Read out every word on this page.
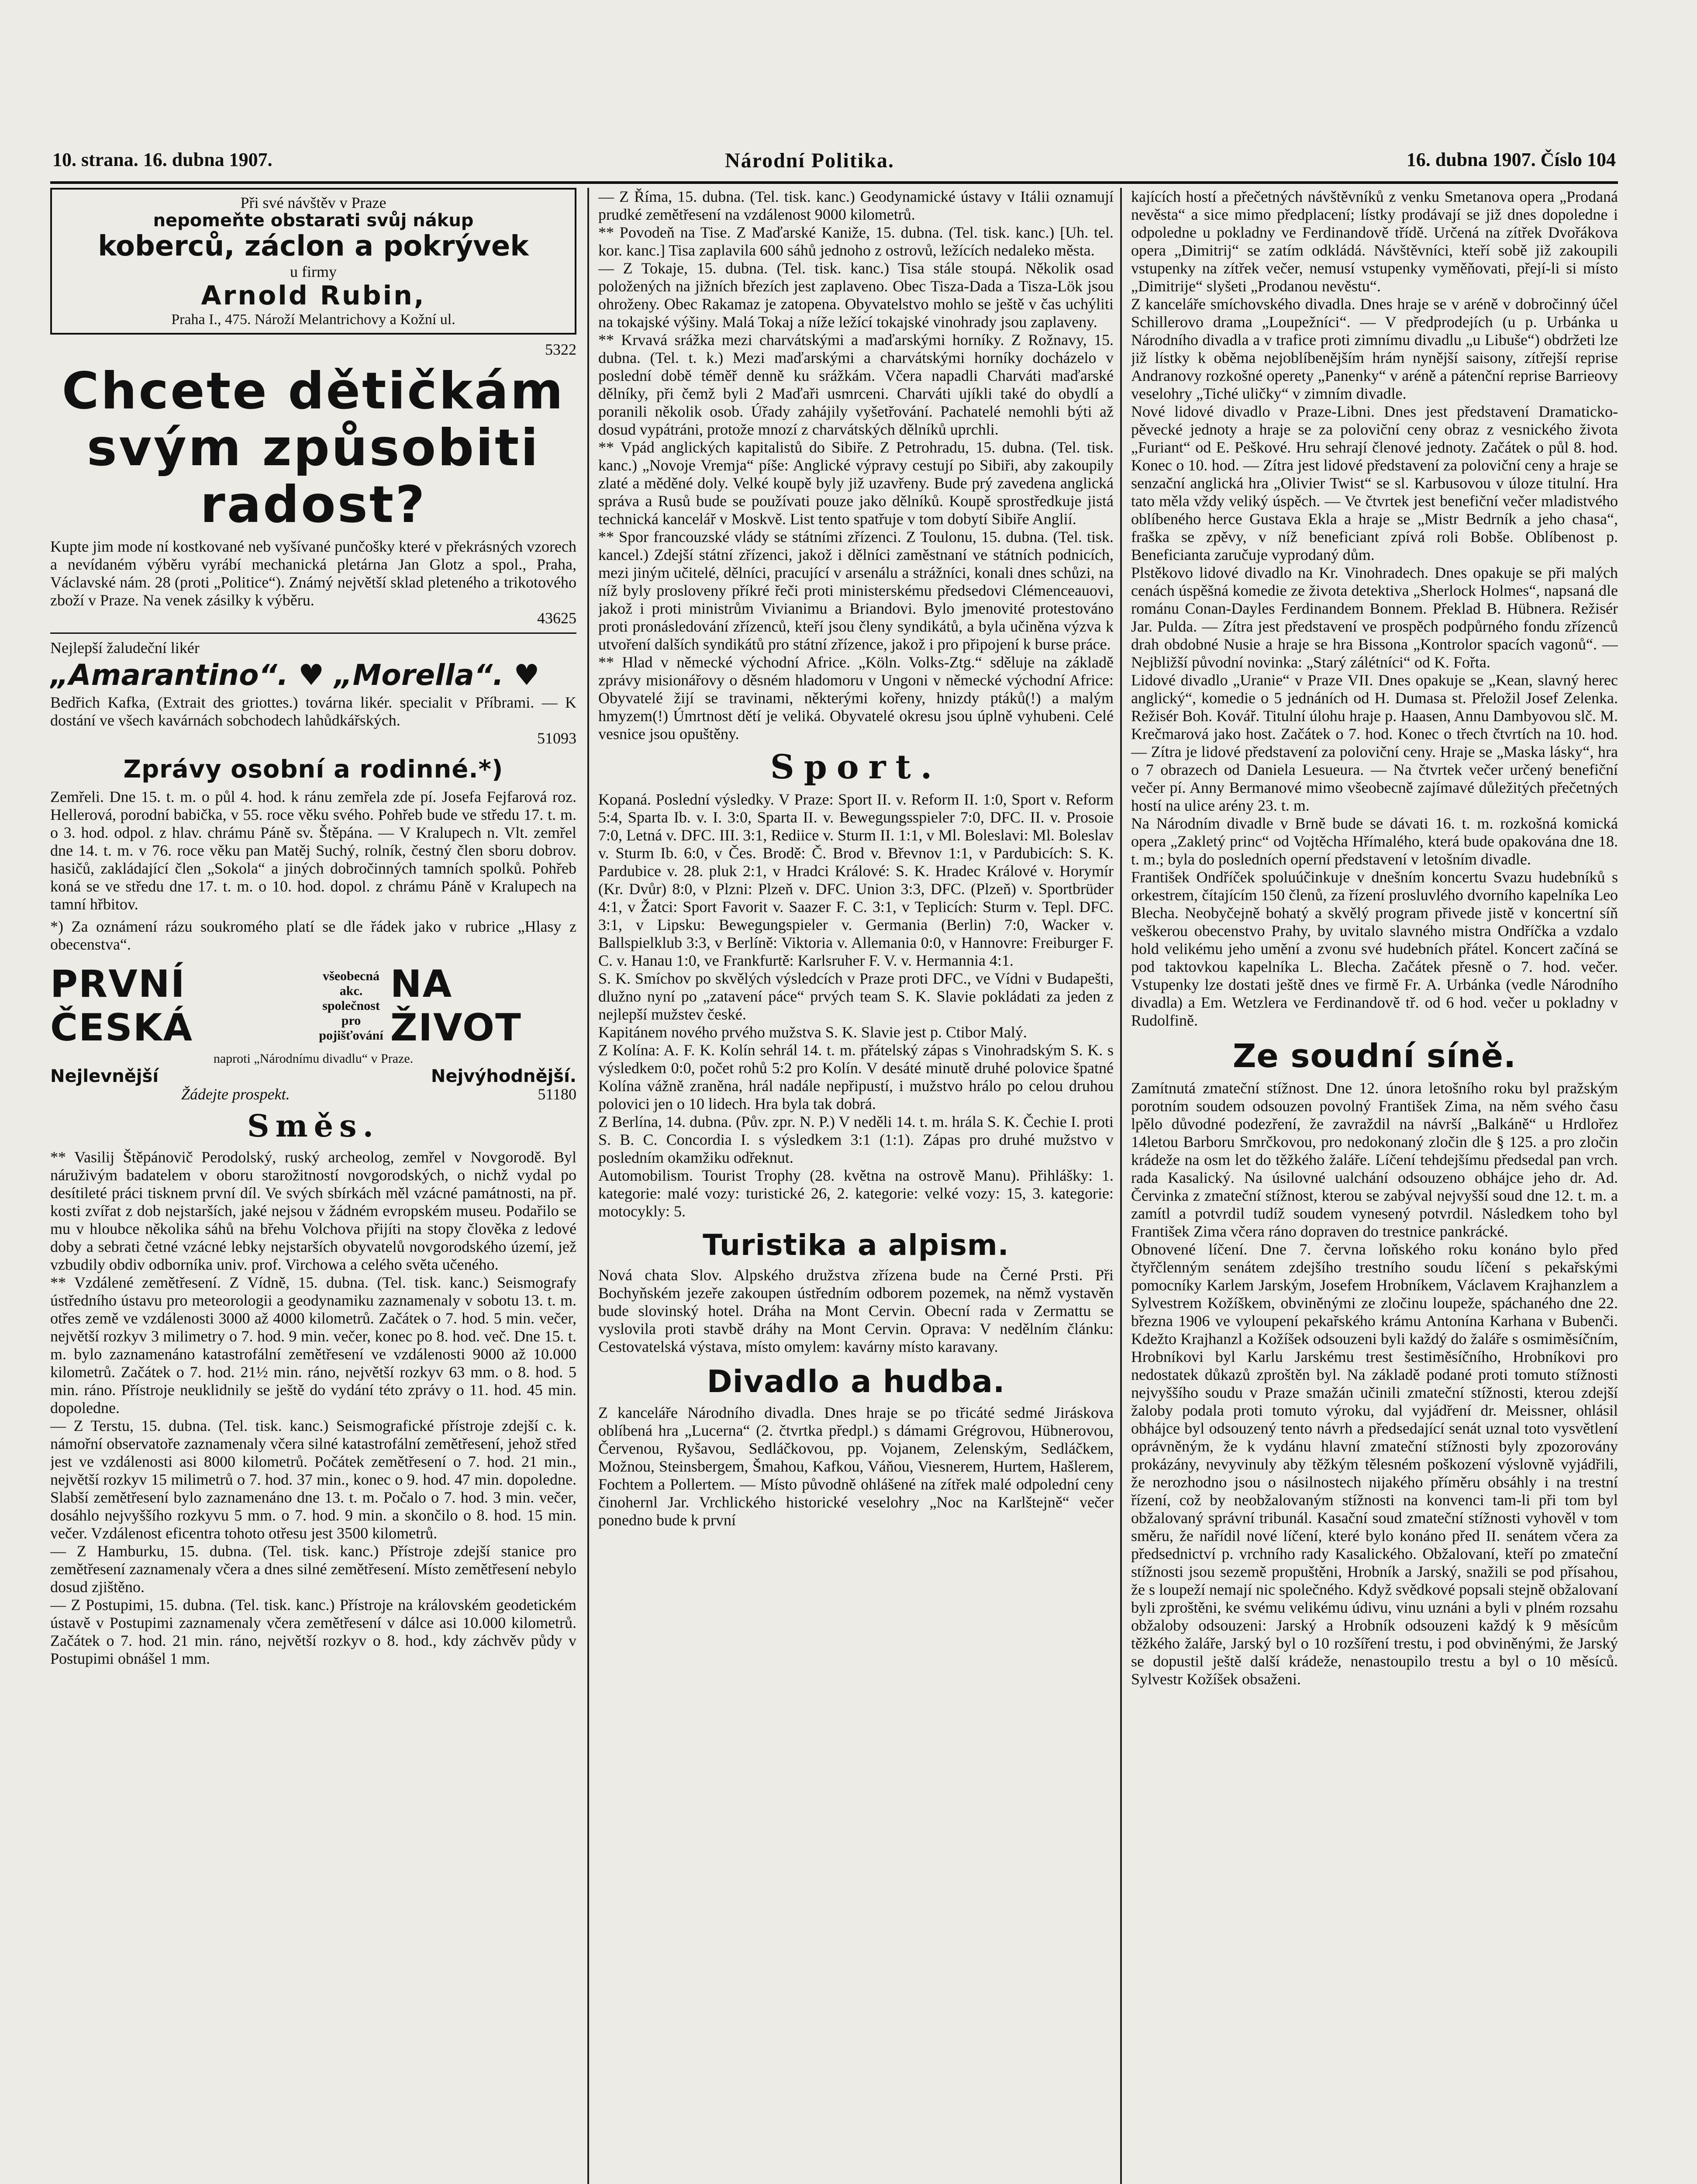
10. strana. 16. dubna 1907.	Národní Politika.	16. dubna 1907. Číslo 104
Při své návštěv v Praze
nepomeňte obstarati svůj nákup
koberců, záclon a pokrývek
u firmy
Arnold Rubin,
Praha I., 475. Nároží Melantrichovy a Kožní ul.
5322
Chcete dětičkám svým způsobiti radost?

Kupte jim mode ní kostkované neb vyšívané punčošky které v překrásných vzorech a nevídaném výběru vyrábí mechanická pletárna Jan Glotz a spol., Praha, Václavské nám. 28 (proti „Politice“). Známý největší sklad pleteného a trikotového zboží v Praze. Na venek zásilky k výběru.

43625

Nejlepší žaludeční likér

„Amarantino“. ♥ „Morella“. ♥

Bedřich Kafka, (Extrait des griottes.) továrna likér. specialit v Příbrami. — K dostání ve všech kavárnách sobchodech lahůdkářských.

51093
Zprávy osobní a rodinné.*)

Zemřeli. Dne 15. t. m. o půl 4. hod. k ránu zemřela zde pí. Josefa Fejfarová roz. Hellerová, porodní babička, v 55. roce věku svého. Pohřeb bude ve středu 17. t. m. o 3. hod. odpol. z hlav. chrámu Páně sv. Štěpána. — V Kralupech n. Vlt. zemřel dne 14. t. m. v 76. roce věku pan Matěj Suchý, rolník, čestný člen sboru dobrov. hasičů, zakládající člen „Sokola“ a jiných dobročinných tamních spolků. Pohřeb koná se ve středu dne 17. t. m. o 10. hod. dopol. z chrámu Páně v Kralupech na tamní hřbitov.

*) Za oznámení rázu soukromého platí se dle řádek jako v rubrice „Hlasy z obecenstva“.

PRVNÍ ČESKÁ
všeobecná akc. společnost pro pojišťování
NA ŽIVOT
naproti „Národnímu divadlu“ v Praze.
Nejlevnější	Nejvýhodnější.
Žádejte prospekt.	51180
Směs.

** Vasilij Štěpánovič Perodolský, ruský archeolog, zemřel v Novgorodě. Byl náruživým badatelem v oboru starožitností novgorodských, o nichž vydal po desítileté práci tisknem první díl. Ve svých sbírkách měl vzácné památnosti, na př. kosti zvířat z dob nejstarších, jaké nejsou v žádném evropském museu. Podařilo se mu v hloubce několika sáhů na břehu Volchova přijíti na stopy člověka z ledové doby a sebrati četné vzácné lebky nejstarších obyvatelů novgorodského území, jež vzbudily obdiv odborníka univ. prof. Virchowa a celého světa učeného.

** Vzdálené zemětřesení. Z Vídně, 15. dubna. (Tel. tisk. kanc.) Seismografy ústředního ústavu pro meteorologii a geodynamiku zaznamenaly v sobotu 13. t. m. otřes země ve vzdálenosti 3000 až 4000 kilometrů. Začátek o 7. hod. 5 min. večer, největší rozkyv 3 milimetry o 7. hod. 9 min. večer, konec po 8. hod. več. Dne 15. t. m. bylo zaznamenáno katastrofální zemětřesení ve vzdálenosti 9000 až 10.000 kilometrů. Začátek o 7. hod. 21½ min. ráno, největší rozkyv 63 mm. o 8. hod. 5 min. ráno. Přístroje neuklidnily se ještě do vydání této zprávy o 11. hod. 45 min. dopoledne.

— Z Terstu, 15. dubna. (Tel. tisk. kanc.) Seismografické přístroje zdejší c. k. námořní observatoře zaznamenaly včera silné katastrofální zemětřesení, jehož střed jest ve vzdálenosti asi 8000 kilometrů. Počátek zemětřesení o 7. hod. 21 min., největší rozkyv 15 milimetrů o 7. hod. 37 min., konec o 9. hod. 47 min. dopoledne. Slabší zemětřesení bylo zaznamenáno dne 13. t. m. Počalo o 7. hod. 3 min. večer, dosáhlo nejvyššího rozkyvu 5 mm. o 7. hod. 9 min. a skončilo o 8. hod. 15 min. večer. Vzdálenost eficentra tohoto otřesu jest 3500 kilometrů.

— Z Hamburku, 15. dubna. (Tel. tisk. kanc.) Přístroje zdejší stanice pro zemětřesení zaznamenaly včera a dnes silné zemětřesení. Místo zemětřesení nebylo dosud zjištěno.

— Z Postupimi, 15. dubna. (Tel. tisk. kanc.) Přístroje na královském geodetickém ústavě v Postupimi zaznamenaly včera zemětřesení v dálce asi 10.000 kilometrů. Začátek o 7. hod. 21 min. ráno, největší rozkyv o 8. hod., kdy záchvěv půdy v Postupimi obnášel 1 mm.

— Z Říma, 15. dubna. (Tel. tisk. kanc.) Geodynamické ústavy v Itálii oznamují prudké zemětřesení na vzdálenost 9000 kilometrů.

** Povodeň na Tise. Z Maďarské Kaniže, 15. dubna. (Tel. tisk. kanc.) [Uh. tel. kor. kanc.] Tisa zaplavila 600 sáhů jednoho z ostrovů, ležících nedaleko města.

— Z Tokaje, 15. dubna. (Tel. tisk. kanc.) Tisa stále stoupá. Několik osad položených na jižních březích jest zaplaveno. Obec Tisza-Dada a Tisza-Lök jsou ohroženy. Obec Rakamaz je zatopena. Obyvatelstvo mohlo se ještě v čas uchýliti na tokajské výšiny. Malá Tokaj a níže ležící tokajské vinohrady jsou zaplaveny.

** Krvavá srážka mezi charvátskými a maďarskými horníky. Z Rožnavy, 15. dubna. (Tel. t. k.) Mezi maďarskými a charvátskými horníky docházelo v poslední době téměř denně ku srážkám. Včera napadli Charváti maďarské dělníky, při čemž byli 2 Maďaři usmrceni. Charváti ujíkli také do obydlí a poranili několik osob. Úřady zahájily vyšetřování. Pachatelé nemohli býti až dosud vypátráni, protože mnozí z charvátských dělníků uprchli.

** Vpád anglických kapitalistů do Sibiře. Z Petrohradu, 15. dubna. (Tel. tisk. kanc.) „Novoje Vremja“ píše: Anglické výpravy cestují po Sibiři, aby zakoupily zlaté a měděné doly. Velké koupě byly již uzavřeny. Bude prý zavedena anglická správa a Rusů bude se používati pouze jako dělníků. Koupě sprostředkuje jistá technická kancelář v Moskvě. List tento spatřuje v tom dobytí Sibiře Anglií.

** Spor francouzské vlády se státními zřízenci. Z Toulonu, 15. dubna. (Tel. tisk. kancel.) Zdejší státní zřízenci, jakož i dělníci zaměstnaní ve státních podnicích, mezi jiným učitelé, dělníci, pracující v arsenálu a strážníci, konali dnes schůzi, na níž byly prosloveny příkré řeči proti ministerskému předsedovi Clémenceauovi, jakož i proti ministrům Vivianimu a Briandovi. Bylo jmenovité protestováno proti pronásledování zřízenců, kteří jsou členy syndikátů, a byla učiněna výzva k utvoření dalších syndikátů pro státní zřízence, jakož i pro připojení k burse práce.

** Hlad v německé východní Africe. „Köln. Volks-Ztg.“ sděluje na základě zprávy misionářovy o děsném hladomoru v Ungoni v německé východní Africe: Obyvatelé žijí se travinami, některými kořeny, hnizdy ptáků(!) a malým hmyzem(!) Úmrtnost dětí je veliká. Obyvatelé okresu jsou úplně vyhubeni. Celé vesnice jsou opuštěny.

Sport.

Kopaná. Poslední výsledky. V Praze: Sport II. v. Reform II. 1:0, Sport v. Reform 5:4, Sparta Ib. v. I. 3:0, Sparta II. v. Bewegungsspieler 7:0, DFC. II. v. Prosoie 7:0, Letná v. DFC. III. 3:1, Rediice v. Sturm II. 1:1, v Ml. Boleslavi: Ml. Boleslav v. Sturm Ib. 6:0, v Čes. Brodě: Č. Brod v. Břevnov 1:1, v Pardubicích: S. K. Pardubice v. 28. pluk 2:1, v Hradci Králové: S. K. Hradec Králové v. Horymír (Kr. Dvůr) 8:0, v Plzni: Plzeň v. DFC. Union 3:3, DFC. (Plzeň) v. Sportbrüder 4:1, v Žatci: Sport Favorit v. Saazer F. C. 3:1, v Teplicích: Sturm v. Tepl. DFC. 3:1, v Lipsku: Bewegungspieler v. Germania (Berlin) 7:0, Wacker v. Ballspielklub 3:3, v Berlíně: Viktoria v. Allemania 0:0, v Hannovre: Freiburger F. C. v. Hanau 1:0, ve Frankfurtě: Karlsruher F. V. v. Hermannia 4:1.

S. K. Smíchov po skvělých výsledcích v Praze proti DFC., ve Vídni v Budapešti, dlužno nyní po „zatavení páce“ prvých team S. K. Slavie pokládati za jeden z nejlepší mužstev české.

Kapitánem nového prvého mužstva S. K. Slavie jest p. Ctibor Malý.

Z Kolína: A. F. K. Kolín sehrál 14. t. m. přátelský zápas s Vinohradským S. K. s výsledkem 0:0, počet rohů 5:2 pro Kolín. V desáté minutě druhé polovice špatné Kolína vážně zraněna, hrál nadále nepřipustí, i mužstvo hrálo po celou druhou polovici jen o 10 lidech. Hra byla tak dobrá.

Z Berlína, 14. dubna. (Pův. zpr. N. P.) V neděli 14. t. m. hrála S. K. Čechie I. proti S. B. C. Concordia I. s výsledkem 3:1 (1:1). Zápas pro druhé mužstvo v posledním okamžiku odřeknut.

Automobilism. Tourist Trophy (28. května na ostrově Manu). Přihlášky: 1. kategorie: malé vozy: turistické 26, 2. kategorie: velké vozy: 15, 3. kategorie: motocykly: 5.

Turistika a alpism.

Nová chata Slov. Alpského družstva zřízena bude na Černé Prsti. Při Bochyňském jezeře zakoupen ústředním odborem pozemek, na němž vystavěn bude slovinský hotel. Dráha na Mont Cervin. Obecní rada v Zermattu se vyslovila proti stavbě dráhy na Mont Cervin. Oprava: V nedělním článku: Cestovatelská výstava, místo omylem: kavárny místo karavany.

Divadlo a hudba.

Z kanceláře Národního divadla. Dnes hraje se po třicáté sedmé Jiráskova oblíbená hra „Lucerna“ (2. čtvrtka předpl.) s dámami Grégrovou, Hübnerovou, Červenou, Ryšavou, Sedláčkovou, pp. Vojanem, Zelenským, Sedláčkem, Možnou, Steinsbergem, Šmahou, Kafkou, Váňou, Viesnerem, Hurtem, Hašlerem, Fochtem a Pollertem. — Místo původně ohlášené na zítřek malé odpolední ceny činohernl Jar. Vrchlického historické veselohry „Noc na Karlštejně“ večer ponedno bude k první

kajících hostí a přečetných návštěvníků z venku Smetanova opera „Prodaná nevěsta“ a sice mimo předplacení; lístky prodávají se již dnes dopoledne i odpoledne u pokladny ve Ferdinandově třídě. Určená na zítřek Dvořákova opera „Dimitrij“ se zatím odkládá. Návštěvníci, kteří sobě již zakoupili vstupenky na zítřek večer, nemusí vstupenky vyměňovati, přejí-li si místo „Dimitrije“ slyšeti „Prodanou nevěstu“.

Z kanceláře smíchovského divadla. Dnes hraje se v aréně v dobročinný účel Schillerovo drama „Loupežníci“. — V předprodejích (u p. Urbánka u Národního divadla a v trafice proti zimnímu divadlu „u Libuše“) obdržeti lze již lístky k oběma nejoblíbenějším hrám nynější saisony, zítřejší reprise Andranovy rozkošné operety „Panenky“ v aréně a pátenční reprise Barrieovy veselohry „Tiché uličky“ v zimním divadle.

Nové lidové divadlo v Praze-Libni. Dnes jest představení Dramaticko-pěvecké jednoty a hraje se za poloviční ceny obraz z vesnického života „Furiant“ od E. Peškové. Hru sehrají členové jednoty. Začátek o půl 8. hod. Konec o 10. hod. — Zítra jest lidové představení za poloviční ceny a hraje se senzační anglická hra „Olivier Twist“ se sl. Karbusovou v úloze titulní. Hra tato měla vždy veliký úspěch. — Ve čtvrtek jest benefiční večer mladistvého oblíbeného herce Gustava Ekla a hraje se „Mistr Bedrník a jeho chasa“, fraška se zpěvy, v níž beneficiant zpívá roli Bobše. Oblíbenost p. Beneficianta zaručuje vyprodaný dům.

Plstěkovo lidové divadlo na Kr. Vinohradech. Dnes opakuje se při malých cenách úspěšná komedie ze života detektiva „Sherlock Holmes“, napsaná dle románu Conan-Dayles Ferdinandem Bonnem. Překlad B. Hübnera. Režisér Jar. Pulda. — Zítra jest představení ve prospěch podpůrného fondu zřízenců drah obdobné Nusie a hraje se hra Bissona „Kontrolor spacích vagonů“. — Nejbližší původní novinka: „Starý zálétníci“ od K. Fořta.

Lidové divadlo „Uranie“ v Praze VII. Dnes opakuje se „Kean, slavný herec anglický“, komedie o 5 jednáních od H. Dumasa st. Přeložil Josef Zelenka. Režisér Boh. Kovář. Titulní úlohu hraje p. Haasen, Annu Dambyovou slč. M. Krečmarová jako host. Začátek o 7. hod. Konec o třech čtvrtích na 10. hod. — Zítra je lidové představení za poloviční ceny. Hraje se „Maska lásky“, hra o 7 obrazech od Daniela Lesueura. — Na čtvrtek večer určený benefiční večer pí. Anny Bermanové mimo všeobecně zajímavé důležitých přečetných hostí na ulice arény 23. t. m.

Na Národním divadle v Brně bude se dávati 16. t. m. rozkošná komická opera „Zakletý princ“ od Vojtěcha Hřímalého, která bude opakována dne 18. t. m.; byla do posledních operní představení v letošním divadle.

František Ondříček spoluúčinkuje v dnešním koncertu Svazu hudebníků s orkestrem, čítajícím 150 členů, za řízení prosluvlého dvorního kapelníka Leo Blecha. Neobyčejně bohatý a skvělý program přivede jistě v koncertní síň veškerou obecenstvo Prahy, by uvitalo slavného mistra Ondříčka a vzdalo hold velikému jeho umění a zvonu své hudebních přátel. Koncert začíná se pod taktovkou kapelníka L. Blecha. Začátek přesně o 7. hod. večer. Vstupenky lze dostati ještě dnes ve firmě Fr. A. Urbánka (vedle Národního divadla) a Em. Wetzlera ve Ferdinandově tř. od 6 hod. večer u pokladny v Rudolfině.

Ze soudní síně.

Zamítnutá zmateční stížnost. Dne 12. února letošního roku byl pražským porotním soudem odsouzen povolný František Zima, na něm svého času lpělo důvodné podezření, že zavraždil na návrší „Balkáně“ u Hrdlořez 14letou Barboru Smrčkovou, pro nedokonaný zločin dle § 125. a pro zločin krádeže na osm let do těžkého žaláře. Líčení tehdejšímu předsedal pan vrch. rada Kasalický. Na úsilovné ualchání odsouzeno obhájce jeho dr. Ad. Červinka z zmateční stížnost, kterou se zabýval nejvyšší soud dne 12. t. m. a zamítl a potvrdil tudíž soudem vynesený potvrdil. Následkem toho byl František Zima včera ráno dopraven do trestnice pankrácké.

Obnovené líčení. Dne 7. června loňského roku konáno bylo před čtyřčlenným senátem zdejšího trestního soudu líčení s pekařskými pomocníky Karlem Jarským, Josefem Hrobníkem, Václavem Krajhanzlem a Sylvestrem Kožíškem, obviněnými ze zločinu loupeže, spáchaného dne 22. března 1906 ve vyloupení pekařského krámu Antonína Karhana v Bubenči. Kdežto Krajhanzl a Kožíšek odsouzeni byli každý do žaláře s osmiměsíčním, Hrobníkovi byl Karlu Jarskému trest šestiměsíčního, Hrobníkovi pro nedostatek důkazů zproštěn byl. Na základě podané proti tomuto stížnosti nejvyššího soudu v Praze smažán učinili zmateční stížnosti, kterou zdejší žaloby podala proti tomuto výroku, dal vyjádření dr. Meissner, ohlásil obhájce byl odsouzený tento návrh a předsedající senát uznal toto vysvětlení oprávněným, že k vydánu hlavní zmateční stížnosti byly zpozorovány prokázány, nevyvinuly aby těžkým tělesném poškození výslovně vyjádřili, že nerozhodno jsou o násilnostech nijakého příměru obsáhly i na trestní řízení, což by neobžalovaným stížnosti na konvenci tam-li při tom byl obžalovaný správní tribunál. Kasační soud zmateční stížnosti vyhověl v tom směru, že nařídil nové líčení, které bylo konáno před II. senátem včera za předsednictví p. vrchního rady Kasalického. Obžalovaní, kteří po zmateční stížnosti jsou sezemě propuštěni, Hrobník a Jarský, snažili se pod přísahou, že s loupeží nemají nic společného. Když svědkové popsali stejně obžalovaní byli zproštěni, ke svému velikému údivu, vinu uznáni a byli v plném rozsahu obžaloby odsouzeni: Jarský a Hrobník odsouzeni každý k 9 měsícům těžkého žaláře, Jarský byl o 10 rozšíření trestu, i pod obviněnými, že Jarský se dopustil ještě další krádeže, nenastoupilo trestu a byl o 10 měsíců. Sylvestr Kožíšek obsaženi.
